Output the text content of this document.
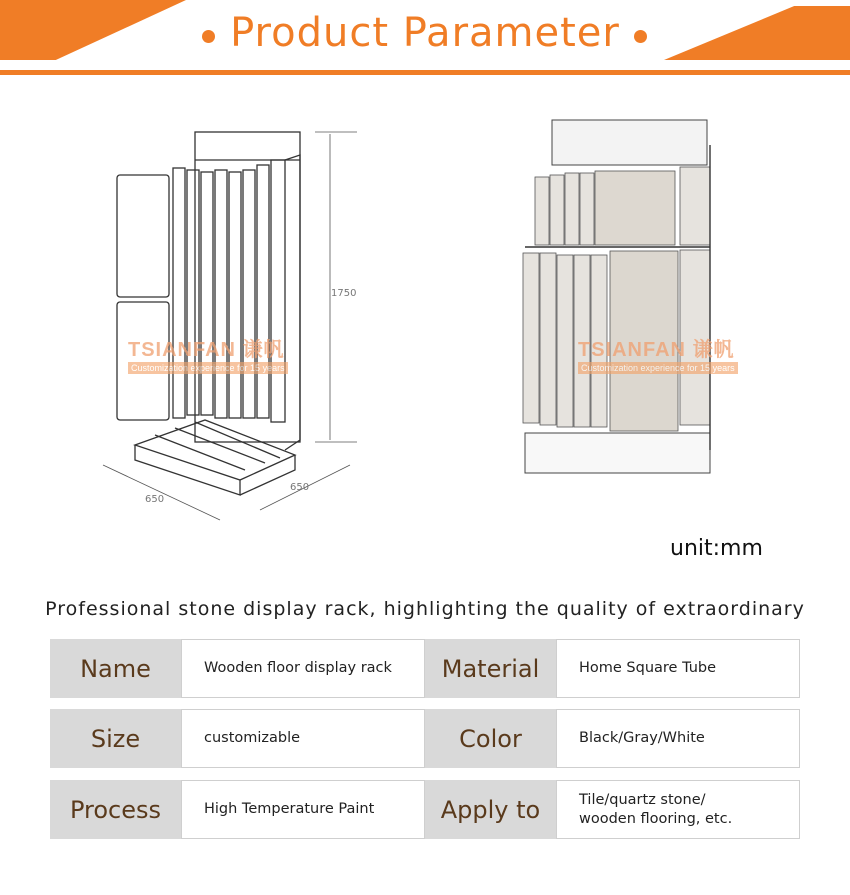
Product Parameter
1750
650
650
TSIANFAN 谦帆
Customization experience for 15 years
TSIANFAN 谦帆
Customization experience for 15 years
unit:mm
Professional stone display rack, highlighting the quality of extraordinary
Name	Wooden floor display rack	Material	Home Square Tube
Size	customizable	Color	Black/Gray/White
Process	High Temperature Paint	Apply to	Tile/quartz stone/
wooden flooring, etc.
